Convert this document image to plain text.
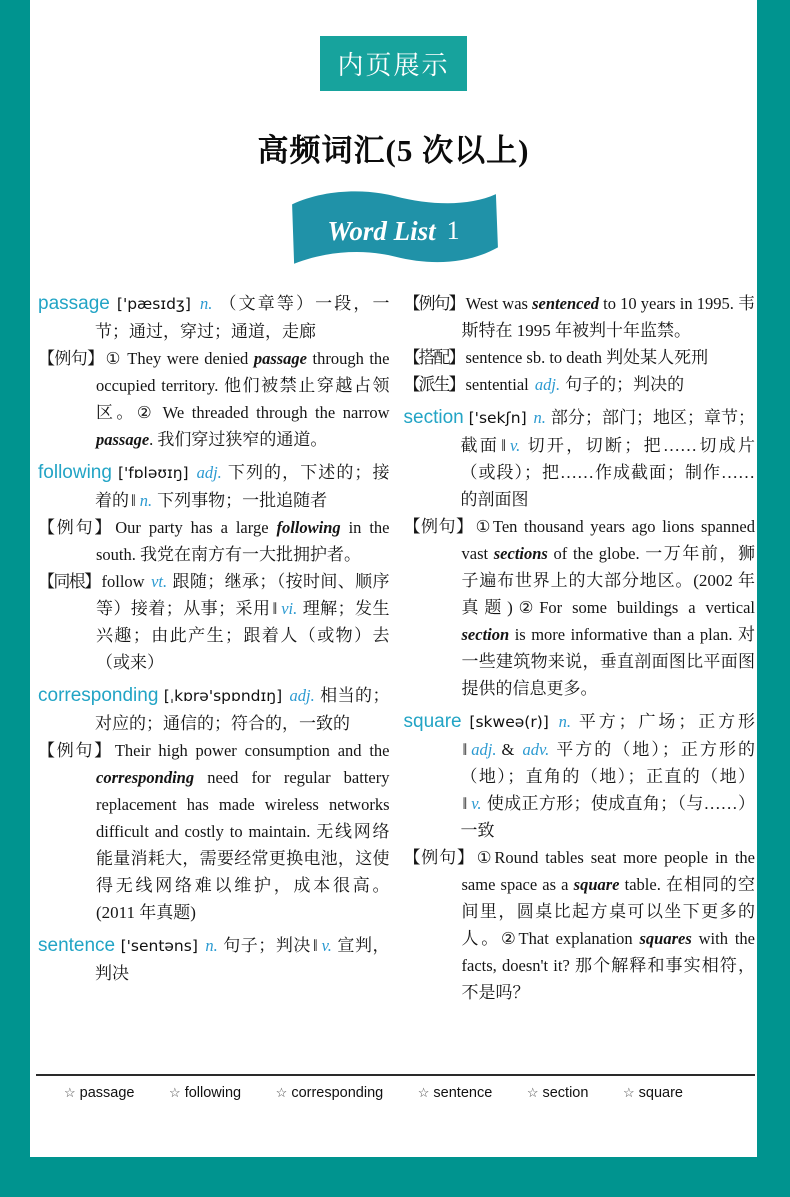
内页展示
高频词汇(5 次以上)
Word List 1

passage ['pæsɪdʒ] n. （文章等）一段，一节；通过，穿过；通道，走廊

【例句】 ① They were denied passage through the occupied territory. 他们被禁止穿越占领区。② We threaded through the narrow passage. 我们穿过狭窄的通道。

following ['fɒləʊɪŋ] adj. 下列的，下述的；接着的 ‖ n. 下列事物；一批追随者

【例句】 Our party has a large following in the south. 我党在南方有一大批拥护者。

【同根】 follow vt. 跟随；继承；（按时间、顺序等）接着；从事；采用 ‖ vi. 理解；发生兴趣；由此产生；跟着人（或物）去（或来）

corresponding [ˌkɒrə'spɒndɪŋ] adj. 相当的；对应的；通信的；符合的，一致的

【例句】 Their high power consumption and the corresponding need for regular battery replacement has made wireless networks difficult and costly to maintain. 无线网络能量消耗大，需要经常更换电池，这使得无线网络难以维护，成本很高。(2011 年真题)

sentence ['sentəns] n. 句子；判决 ‖ v. 宣判，判决

【例句】 West was sentenced to 10 years in 1995. 韦斯特在 1995 年被判十年监禁。

【搭配】 sentence sb. to death 判处某人死刑

【派生】 sentential adj. 句子的；判决的

section ['sekʃn] n. 部分；部门；地区；章节；截面 ‖ v. 切开，切断；把……切成片（或段）；把……作成截面；制作……的剖面图

【例句】 ①Ten thousand years ago lions spanned vast sections of the globe. 一万年前，狮子遍布世界上的大部分地区。(2002 年真题)②For some buildings a vertical section is more informative than a plan. 对一些建筑物来说，垂直剖面图比平面图提供的信息更多。

square [skweə(r)] n. 平方；广场；正方形‖ adj. & adv. 平方的（地）；正方形的（地）；直角的（地）；正直的（地）‖ v. 使成正方形；使成直角；（与……）一致

【例句】 ①Round tables seat more people in the same space as a square table. 在相同的空间里，圆桌比起方桌可以坐下更多的人。②That explanation squares with the facts, doesn't it? 那个解释和事实相符，不是吗？

☆ passage	☆ following	☆ corresponding	☆ sentence	☆ section	☆ square
